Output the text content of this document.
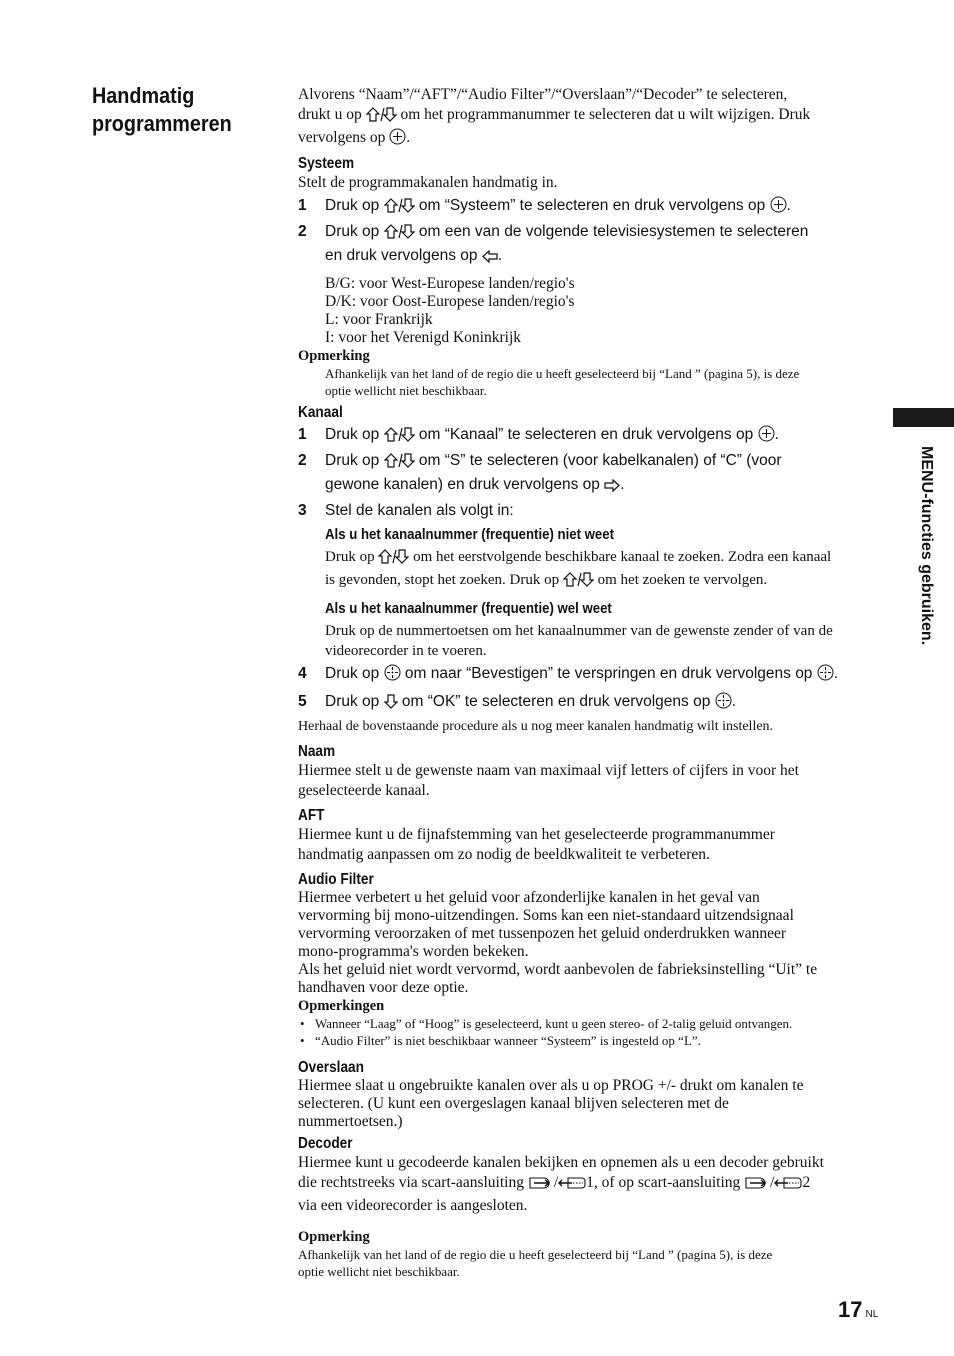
Handmatig
programmeren
MENU-functies gebruiken.

Alvorens “Naam”/“AFT”/“Audio Filter”/“Overslaan”/“Decoder” te selecteren,
drukt u op	om het programmanummer te selecteren dat u wilt wijzigen. Druk
vervolgens op .

Systeem

Stelt de programmakanalen handmatig in.

1 Druk op	om “Systeem” te selecteren en druk vervolgens op .
2 Druk op	om een van de volgende televisiesystemen te selecteren
en druk vervolgens op .
B/G: voor West-Europese landen/regio's
D/K: voor Oost-Europese landen/regio's
L: voor Frankrijk
I: voor het Verenigd Koninkrijk
Opmerking
Afhankelijk van het land of de regio die u heeft geselecteerd bij “Land ” (pagina 5), is deze
optie wellicht niet beschikbaar.
Kanaal
1 Druk op	om “Kanaal” te selecteren en druk vervolgens op .
2 Druk op	om “S” te selecteren (voor kabelkanalen) of “C” (voor
gewone kanalen) en druk vervolgens op .
3 Stel de kanalen als volgt in:
Als u het kanaalnummer (frequentie) niet weet
Druk op	om het eerstvolgende beschikbare kanaal te zoeken. Zodra een kanaal
is gevonden, stopt het zoeken. Druk op	om het zoeken te vervolgen.
Als u het kanaalnummer (frequentie) wel weet
Druk op de nummertoetsen om het kanaalnummer van de gewenste zender of van de
videorecorder in te voeren.
4 Druk op om naar “Bevestigen” te verspringen en druk vervolgens op .
5 Druk op om “OK” te selecteren en druk vervolgens op .

Herhaal de bovenstaande procedure als u nog meer kanalen handmatig wilt instellen.

Naam

Hiermee stelt u de gewenste naam van maximaal vijf letters of cijfers in voor het
geselecteerde kanaal.

AFT

Hiermee kunt u de fijnafstemming van het geselecteerde programmanummer
handmatig aanpassen om zo nodig de beeldkwaliteit te verbeteren.

Audio Filter
Hiermee verbetert u het geluid voor afzonderlijke kanalen in het geval van
vervorming bij mono-uitzendingen. Soms kan een niet-standaard uitzendsignaal
vervorming veroorzaken of met tussenpozen het geluid onderdrukken wanneer
mono-programma's worden bekeken.
Als het geluid niet wordt vervormd, wordt aanbevolen de fabrieksinstelling “Uit” te
handhaven voor deze optie.
Opmerkingen
• Wanneer “Laag” of “Hoog” is geselecteerd, kunt u geen stereo- of 2-talig geluid ontvangen.
• “Audio Filter” is niet beschikbaar wanneer “Systeem” is ingesteld op “L”.
Overslaan
Hiermee slaat u ongebruikte kanalen over als u op PROG +/- drukt om kanalen te
selecteren. (U kunt een overgeslagen kanaal blijven selecteren met de
nummertoetsen.)
Decoder

Hiermee kunt u gecodeerde kanalen bekijken en opnemen als u een decoder gebruikt
die rechtstreeks via scart-aansluiting / 1, of op scart-aansluiting / 2
via een videorecorder is aangesloten.

Opmerking
Afhankelijk van het land of de regio die u heeft geselecteerd bij “Land ” (pagina 5), is deze
optie wellicht niet beschikbaar.
17 NL
